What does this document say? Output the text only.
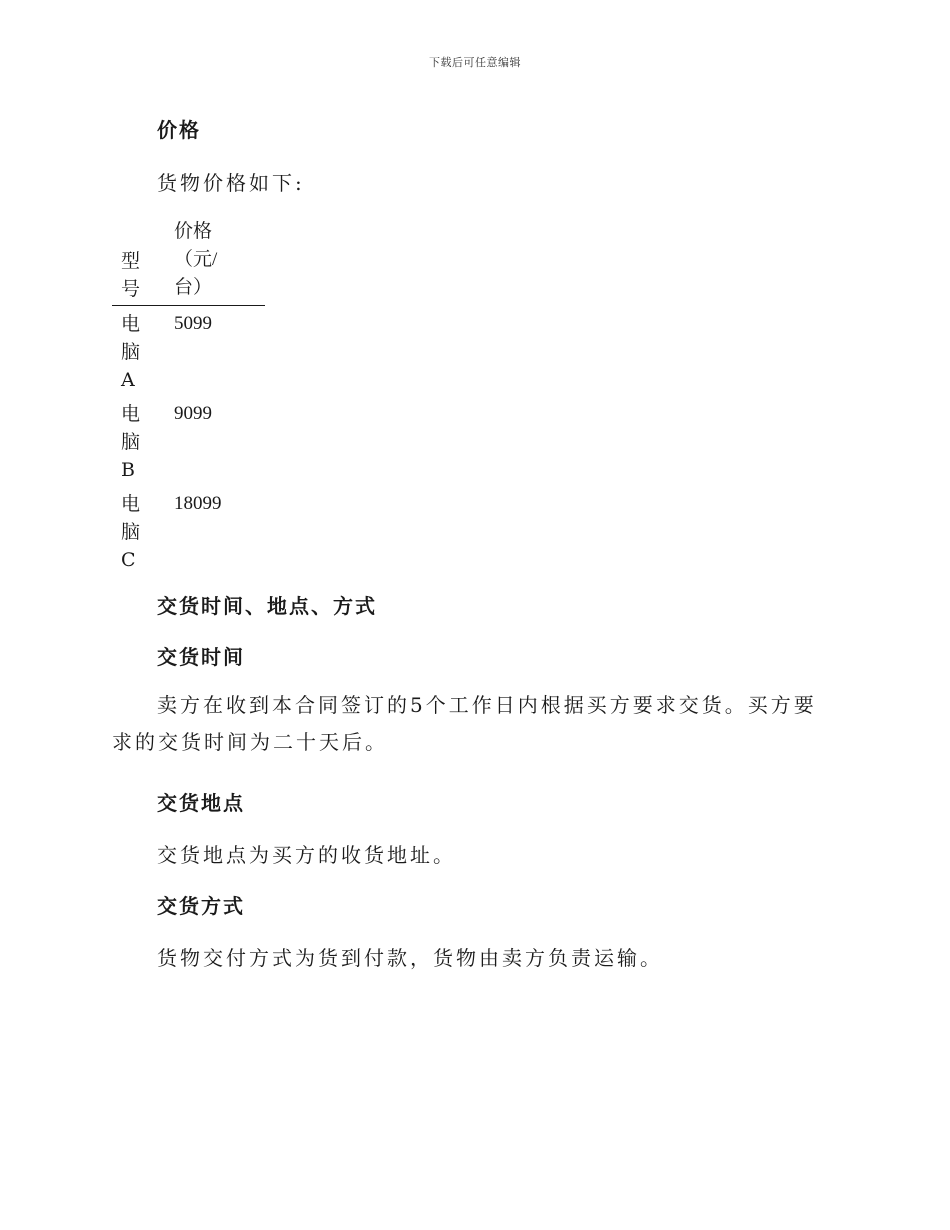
下载后可任意编辑
价格
货物价格如下:
型号
价格（元/台）
电脑A
5099
电脑B
9099
电脑C
18099
交货时间、地点、方式
交货时间
卖方在收到本合同签订的5个工作日内根据买方要求交货。买方要求的交货时间为二十天后。
交货地点
交货地点为买方的收货地址。
交货方式
货物交付方式为货到付款，货物由卖方负责运输。
